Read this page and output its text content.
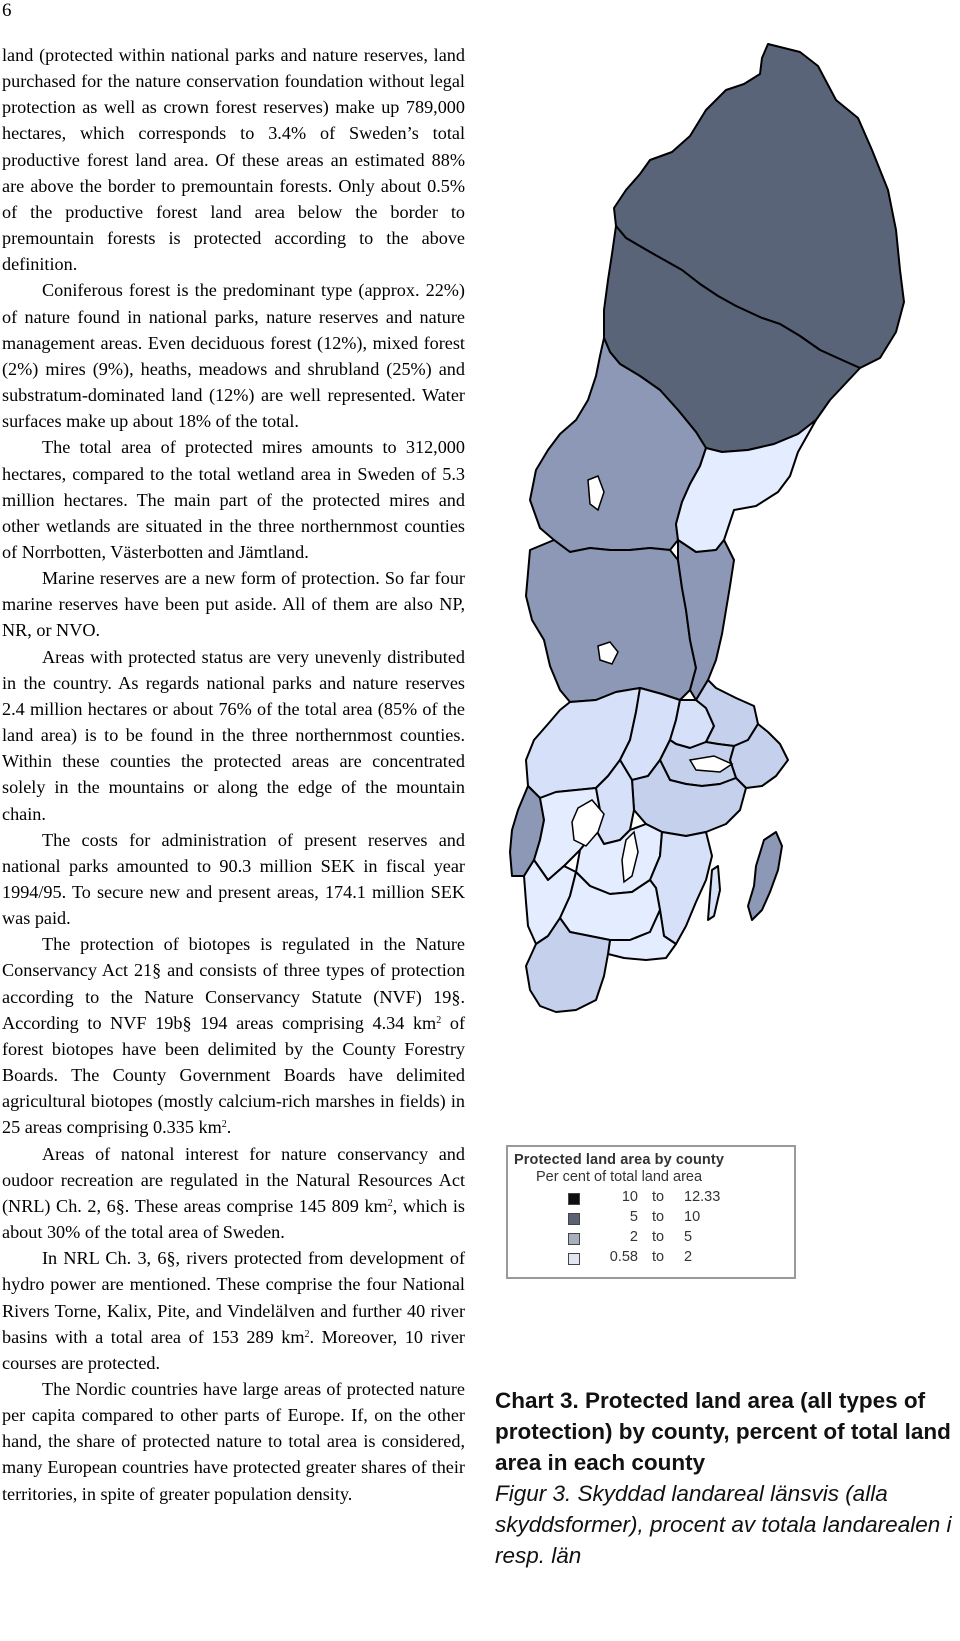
6

land (protected within national parks and nature reserves, land purchased for the nature conservation foundation without legal protection as well as crown forest reserves) make up 789,000 hectares, which corresponds to 3.4% of Sweden’s total productive forest land area. Of these areas an estimated 88% are above the border to premountain forests. Only about 0.5% of the productive forest land area below the border to premountain forests is protected according to the above definition.

Coniferous forest is the predominant type (approx. 22%) of nature found in national parks, nature reserves and nature management areas. Even deciduous forest (12%), mixed forest (2%) mires (9%), heaths, meadows and shrubland (25%) and substratum-dominated land (12%) are well represented. Water surfaces make up about 18% of the total.

The total area of protected mires amounts to 312,000 hectares, compared to the total wetland area in Sweden of 5.3 million hectares. The main part of the protected mires and other wetlands are situated in the three northernmost counties of Norrbotten, Västerbotten and Jämtland.

Marine reserves are a new form of protection. So far four marine reserves have been put aside. All of them are also NP, NR, or NVO.

Areas with protected status are very unevenly distributed in the country. As regards national parks and nature reserves 2.4 million hectares or about 76% of the total area (85% of the land area) is to be found in the three northernmost counties. Within these counties the protected areas are concentrated solely in the mountains or along the edge of the mountain chain.

The costs for administration of present reserves and national parks amounted to 90.3 million SEK in fiscal year 1994/95. To secure new and present areas, 174.1 million SEK was paid.

The protection of biotopes is regulated in the Nature Conservancy Act 21§ and consists of three types of protection according to the Nature Conservancy Statute (NVF) 19§. According to NVF 19b§ 194 areas comprising 4.34 $km^2$ of forest biotopes have been delimited by the County Forestry Boards. The County Government Boards have delimited agricultural biotopes (mostly calcium-rich marshes in fields) in 25 areas comprising 0.335 $km^2$.

Areas of natonal interest for nature conservancy and oudoor recreation are regulated in the Natural Resources Act (NRL) Ch. 2, 6§. These areas comprise 145 809 $km^2$, which is about 30% of the total area of Sweden.

In NRL Ch. 3, 6§, rivers protected from development of hydro power are mentioned. These comprise the four National Rivers Torne, Kalix, Pite, and Vindelälven and further 40 river basins with a total area of 153 289 $km^2$. Moreover, 10 river courses are protected.

The Nordic countries have large areas of protected nature per capita compared to other parts of Europe. If, on the other hand, the share of protected nature to total area is considered, many European countries have protected greater shares of their territories, in spite of greater population density.

Protected land area by county
Per cent of total land area
10 to 12.33
5 to 10
2 to 5
0.58 to 2
Chart 3. Protected land area (all types of protection) by county, percent of total land area in each county
Figur 3. Skyddad landareal länsvis (alla skyddsformer), procent av totala landarealen i resp. län
